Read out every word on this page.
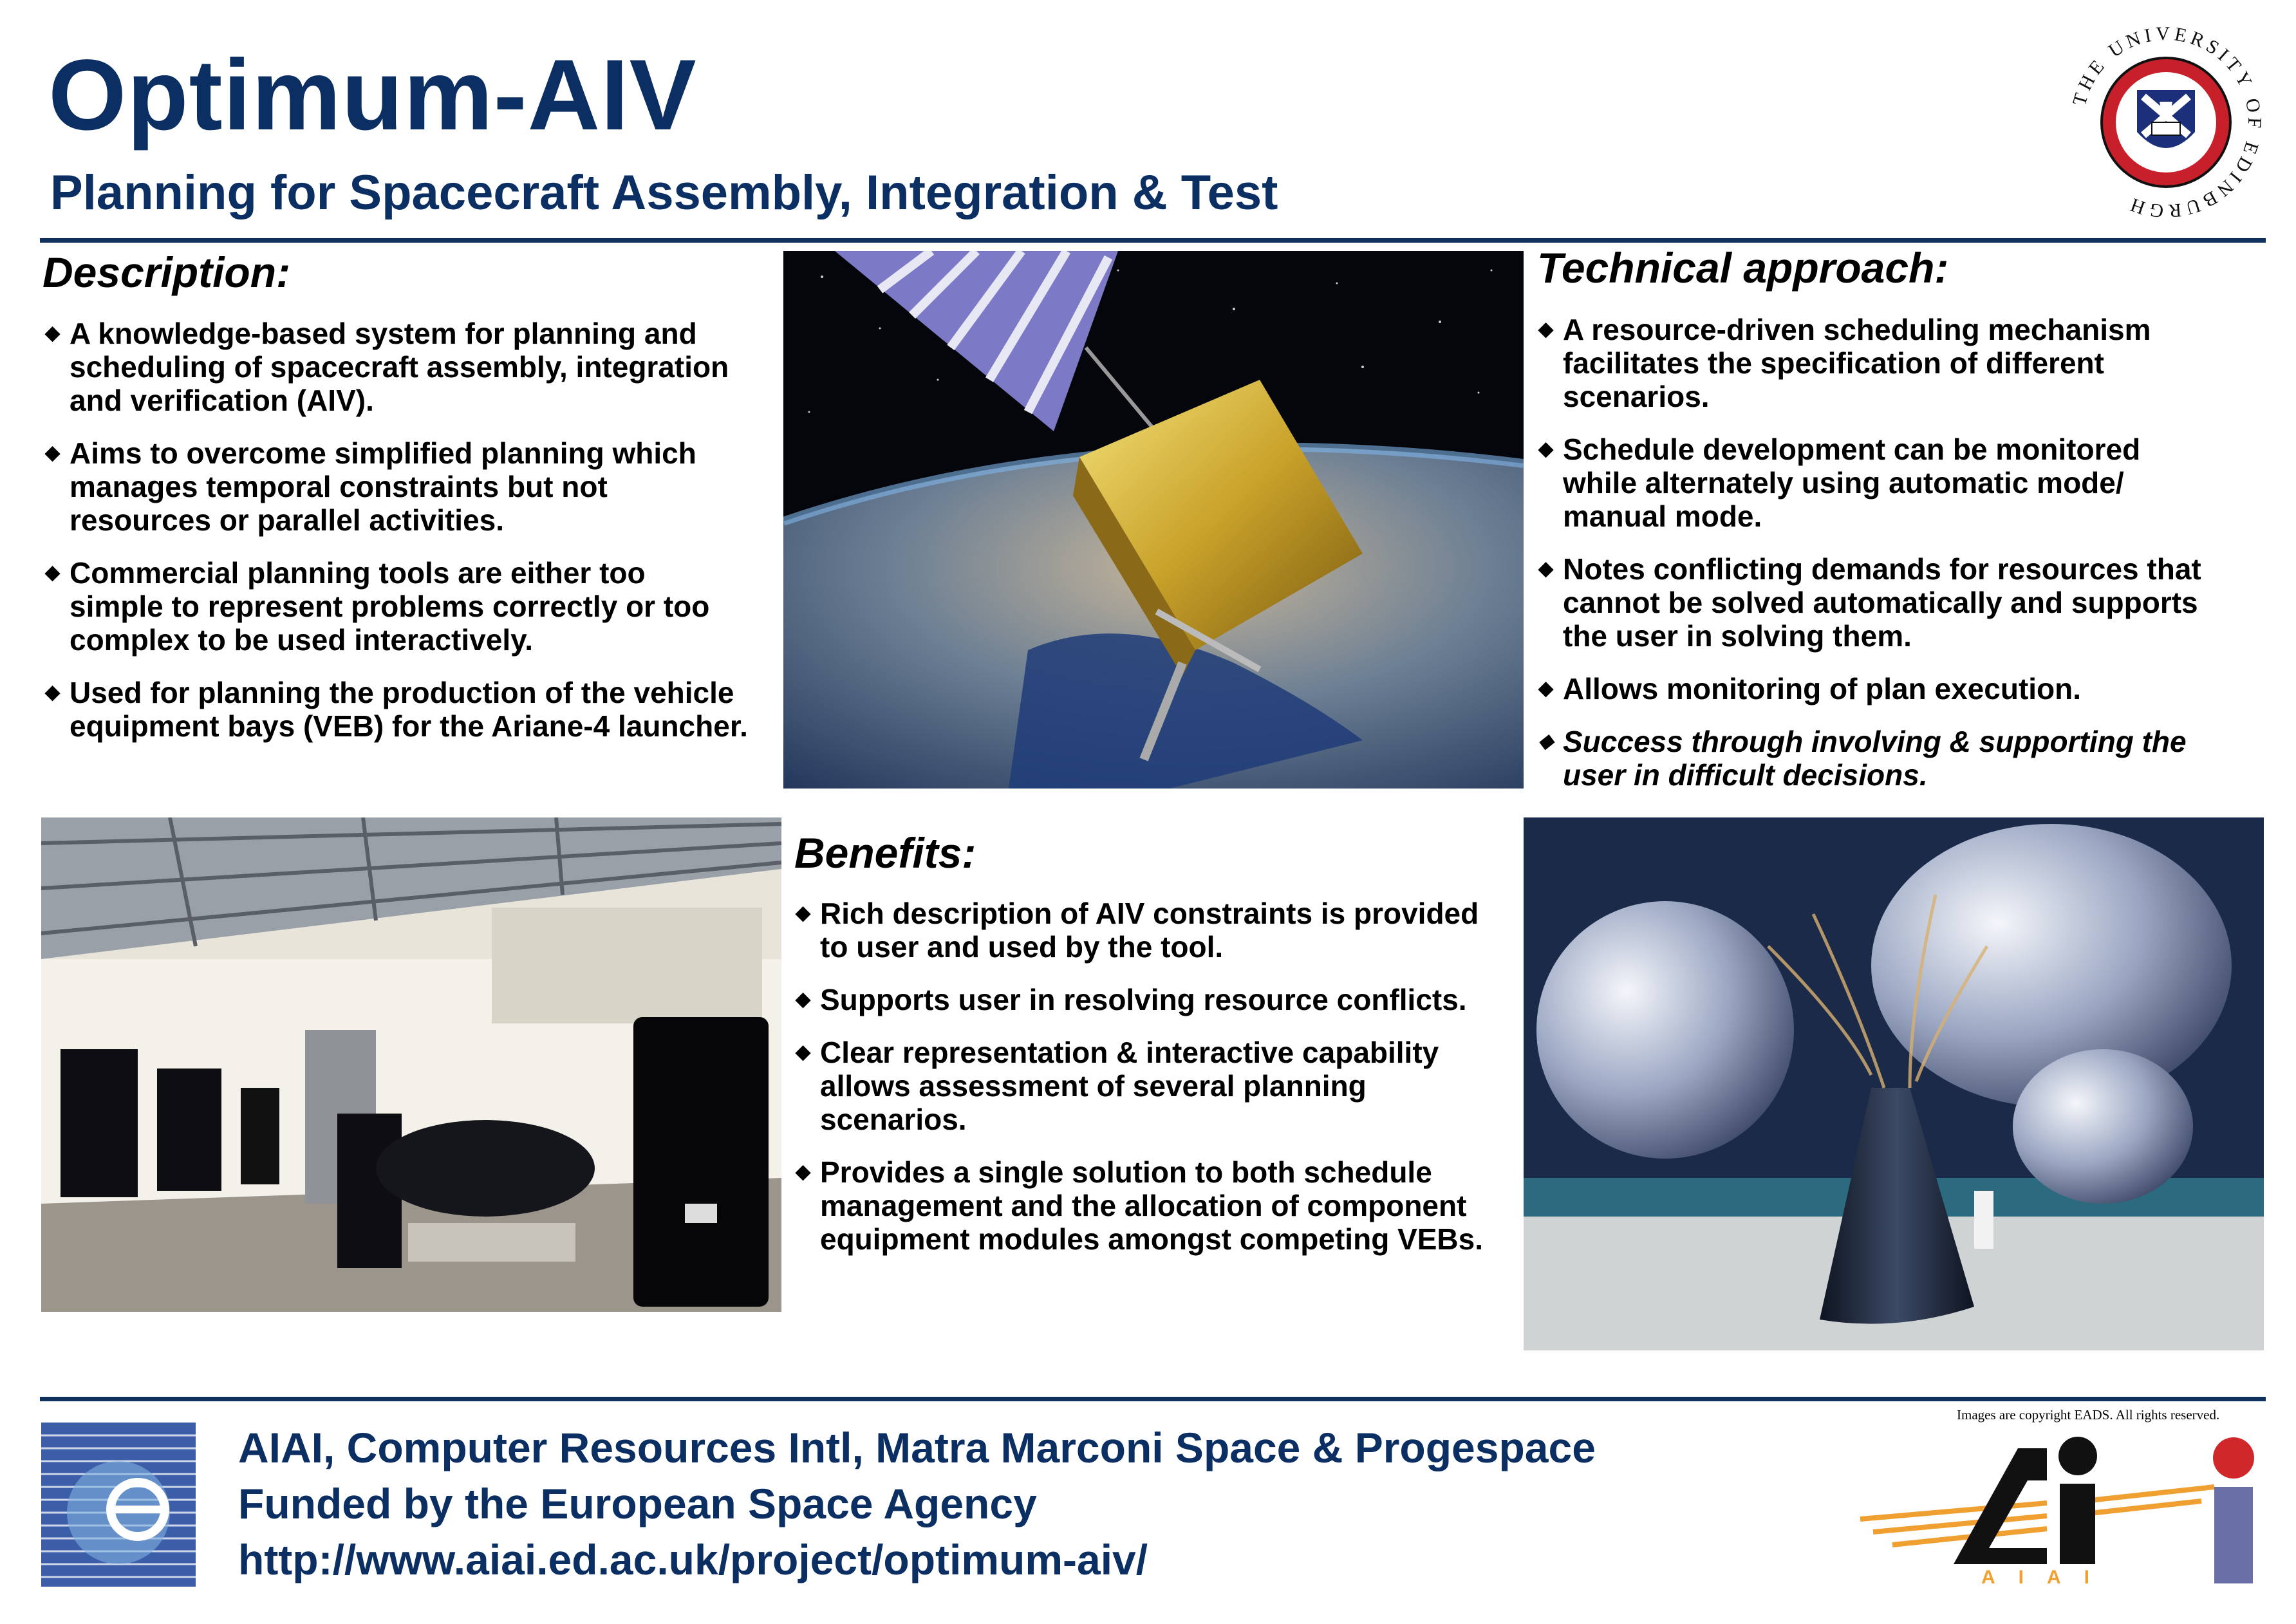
Optimum-AIV
Planning for Spacecraft Assembly, Integration & Test
THE UNIVERSITY EDINBURGH
Description:
◆ A knowledge-based system for planning and
scheduling of spacecraft assembly, integration
and verification (AIV).
◆ Aims to overcome simplified planning which
manages temporal constraints but not
resources or parallel activities.
◆ Commercial planning tools are either too
simple to represent problems correctly or too
complex to be used interactively.
◆ Used for planning the production of the vehicle
equipment bays (VEB) for the Ariane-4 launcher.
Technical approach:
◆ A resource-driven scheduling mechanism
facilitates the specification of different
scenarios.
◆ Schedule development can be monitored
while alternately using automatic mode/
manual mode.
◆ Notes conflicting demands for resources that
cannot be solved automatically and supports
the user in solving them.
◆ Allows monitoring of plan execution.
◆ Success through involving & supporting the
user in difficult decisions.
Benefits:
◆ Rich description of AIV constraints is provided
to user and used by the tool.
◆ Supports user in resolving resource conflicts.
◆ Clear representation & interactive capability
allows assessment of several planning
scenarios.
◆ Provides a single solution to both schedule
management and the allocation of component
equipment modules amongst competing VEBs.
AIAI, Computer Resources Intl, Matra Marconi Space & Progespace
Funded by the European Space Agency
http://www.aiai.ed.ac.uk/project/optimum-aiv/
Images are copyright EADS. All rights reserved.
AIAI
